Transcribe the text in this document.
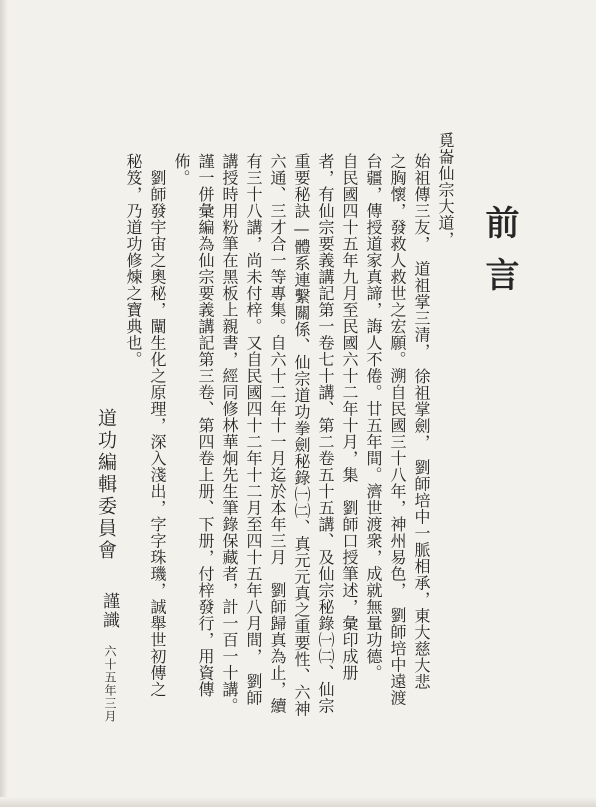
前言
覓崙仙宗大道，
始祖傳三友，　道祖掌三清，　徐祖掌劍，　劉師培中一脈相承，東大慈大悲
之胸懷，發救人救世之宏願。溯自民國三十八年，神州易色，　劉師培中遠渡
台疆，傳授道家真諦，誨人不倦。廿五年間。濟世渡衆，成就無量功德。
自民國四十五年九月至民國六十二年十月，集　劉師口授筆述，彙印成册
者，有仙宗要義講記第一卷七十講、第二卷五十五講、及仙宗秘錄㈠㈡、仙宗
重要秘訣—體系連繫關係、仙宗道功拳劍秘錄㈠㈡、真元元真之重要性、六神
六通、三才合一等專集。自六十二年十一月迄於本年三月　劉師歸真為止，續
有三十八講，尚未付梓。又自民國四十二年十二月至四十五年八月間，　劉師
講授時用粉筆在黑板上親書，經同修林華炯先生筆錄保藏者，計一百一十講。
謹一併彙編為仙宗要義講記第三卷、第四卷上册、下册，付梓發行，用資傳
佈。
　劉師發宇宙之奧秘，闡生化之原理，深入淺出，字字珠璣，誠舉世初傳之
秘笈，乃道功修煉之寶典也。
道功編輯委員會
謹識
六十五年三月
